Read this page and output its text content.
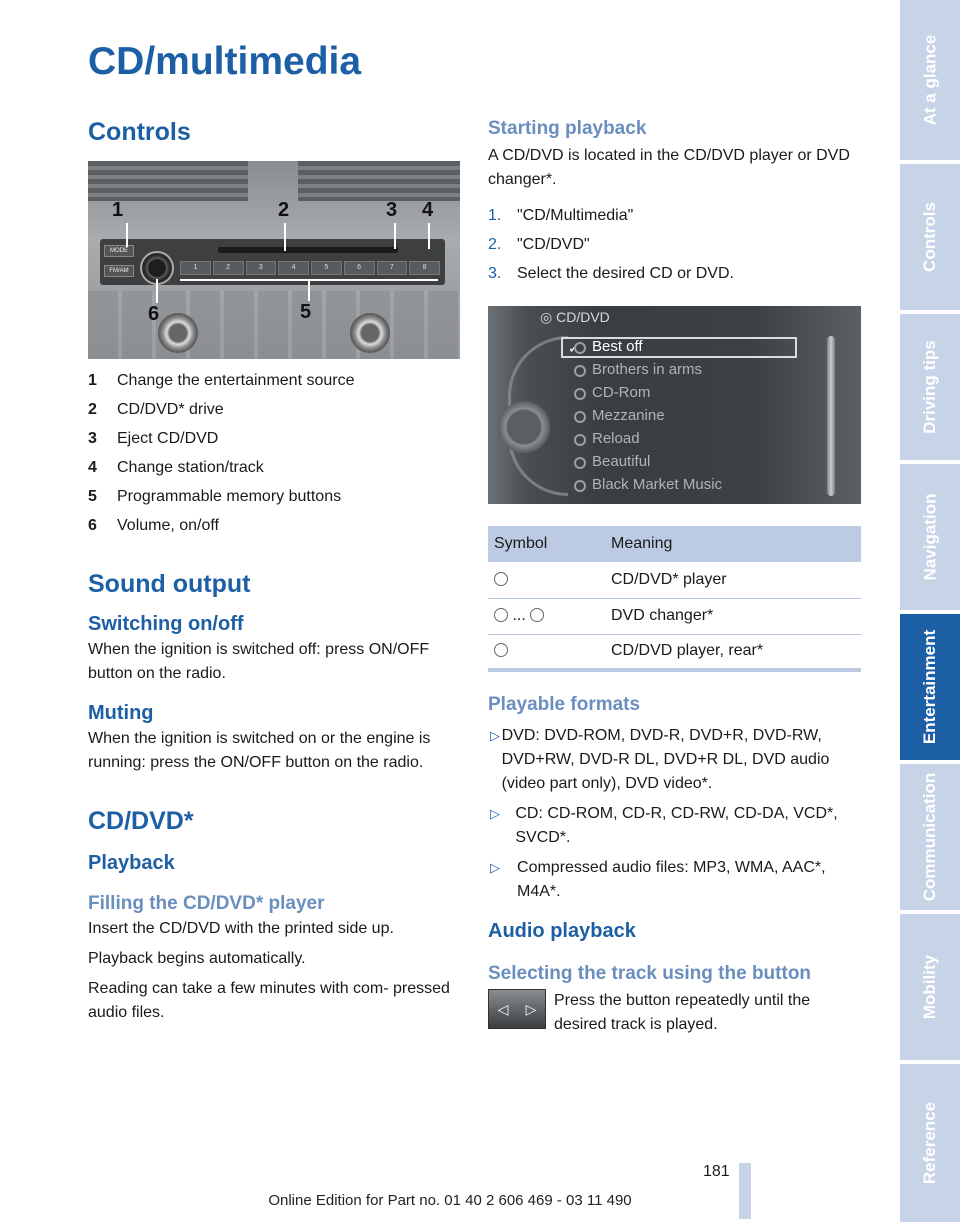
CD/multimedia
Controls
MODE
FM/AM	1	2	3	4	5	6	7	8
1	2	3 4
5
6
1	Change the entertainment source
2	CD/DVD* drive
3	Eject CD/DVD
4	Change station/track
5	Programmable memory buttons
6	Volume, on/off
Sound output
Switching on/off
When the ignition is switched off: press ON/OFF button on the radio.
Muting
When the ignition is switched on or the engine is running: press the ON/OFF button on the radio.
CD/DVD*
Playback
Filling the CD/DVD* player
Insert the CD/DVD with the printed side up.
Playback begins automatically.
Reading can take a few minutes with com- pressed audio files.
Starting playback
A CD/DVD is located in the CD/DVD player or DVD changer*.
1. "CD/Multimedia"
2. "CD/DVD"
3. Select the desired CD or DVD.
◎ CD/DVD
✓ Best off
Brothers in arms
CD-Rom
Mezzanine
Reload
Beautiful
Black Market Music
Symbol	Meaning
	CD/DVD* player
...	DVD changer*
	CD/DVD player, rear*
Playable formats
▷ DVD: DVD-ROM, DVD-R, DVD+R, DVD-RW, DVD+RW, DVD-R DL, DVD+R DL, DVD audio (video part only), DVD video*.
▷ CD: CD-ROM, CD-R, CD-RW, CD-DA, VCD*, SVCD*.
▷	Compressed audio files: MP3, WMA, AAC*, M4A*.
Audio playback
Selecting the track using the button
◁ ▷ Press the button repeatedly until the desired track is played.
At a glance
Controls
Driving tips
Navigation
Entertainment
Communication
Mobility
Reference
181
Online Edition for Part no. 01 40 2 606 469 - 03 11 490
